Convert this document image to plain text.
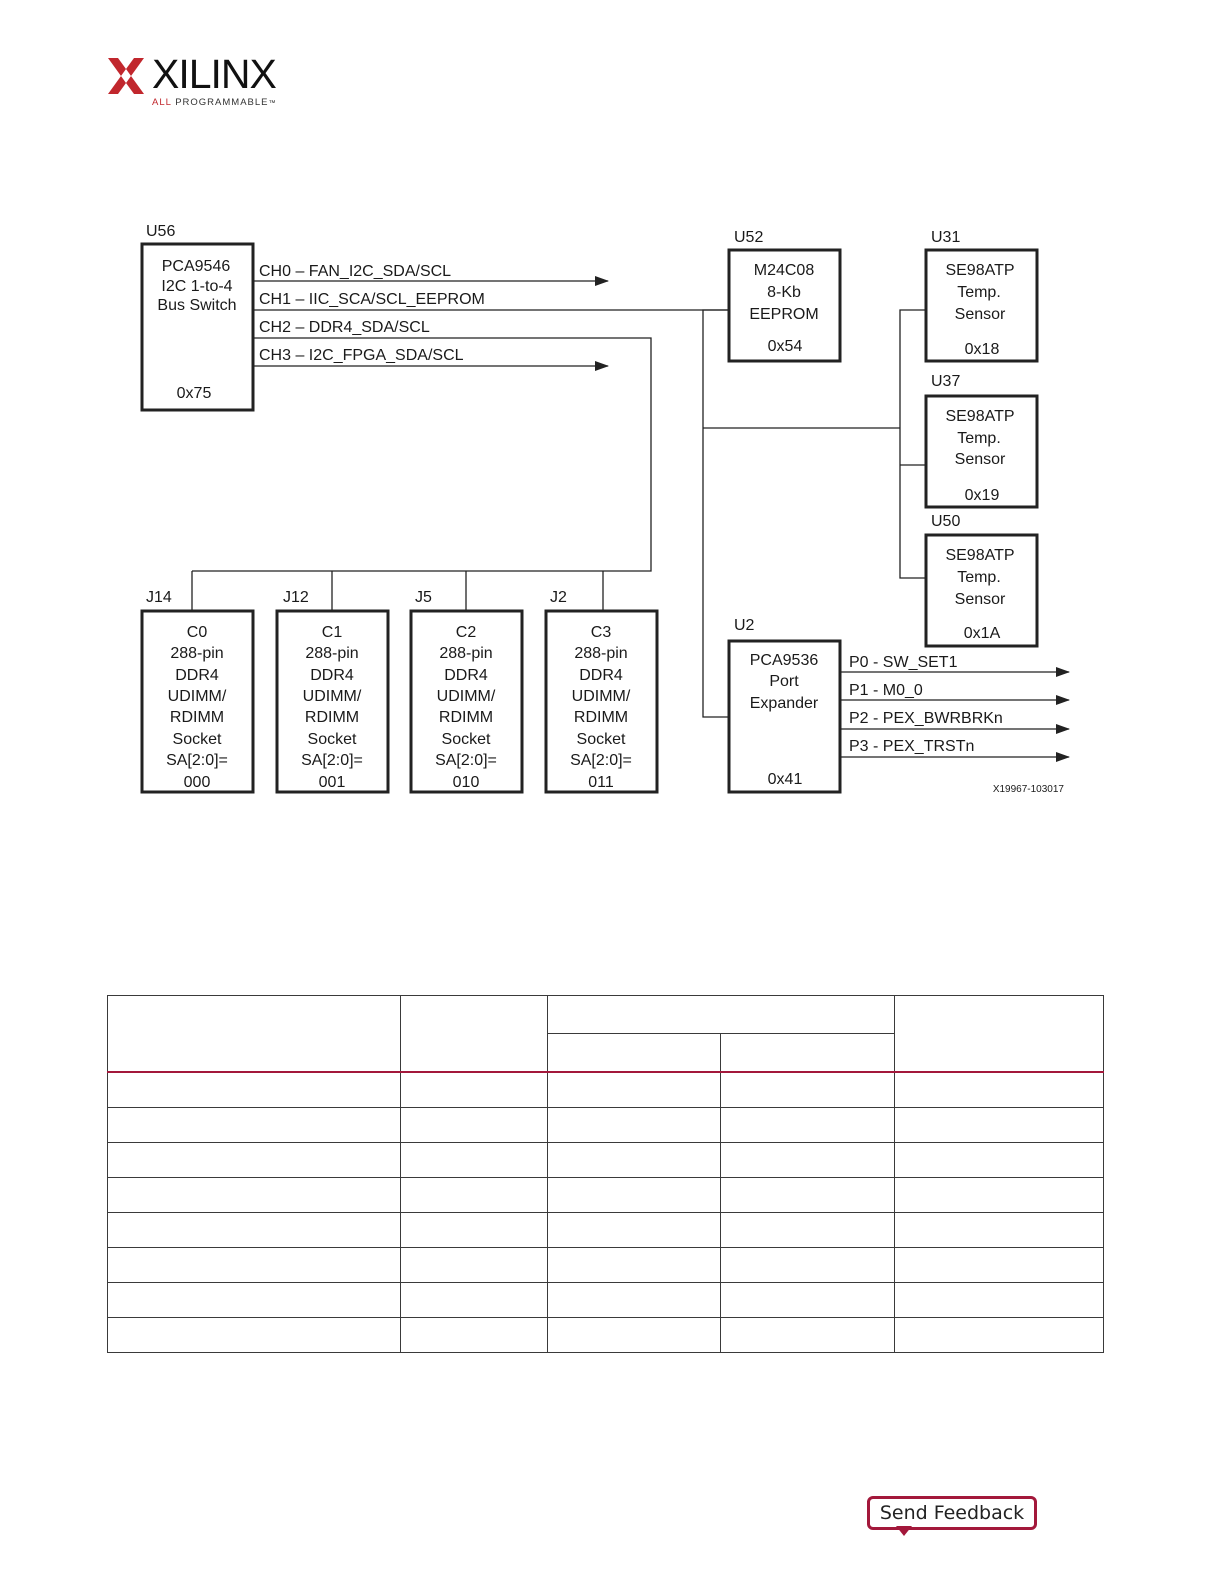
XILINX
ALL PROGRAMMABLE™
U56
PCA9546
I2C 1-to-4
Bus Switch
0x75
CH0 – FAN_I2C_SDA/SCL
CH1 – IIC_SCA/SCL_EEPROM
CH2 – DDR4_SDA/SCL
CH3 – I2C_FPGA_SDA/SCL
U52
M24C08
8-Kb
EEPROM
0x54
U31
SE98ATP
Temp.
Sensor
0x18
U37
SE98ATP
Temp.
Sensor
0x19
U50
SE98ATP
Temp.
Sensor
0x1A
J14
C0
288-pin
DDR4
UDIMM/
RDIMM
Socket
SA[2:0]=
000
J12
C1
288-pin
DDR4
UDIMM/
RDIMM
Socket
SA[2:0]=
001
J5
C2
288-pin
DDR4
UDIMM/
RDIMM
Socket
SA[2:0]=
010
J2
C3
288-pin
DDR4
UDIMM/
RDIMM
Socket
SA[2:0]=
011
U2
PCA9536
Port
Expander
0x41
P0 - SW_SET1
P1 - M0_0
P2 - PEX_BWRBRKn
P3 - PEX_TRSTn
X19967-103017

Send Feedback
